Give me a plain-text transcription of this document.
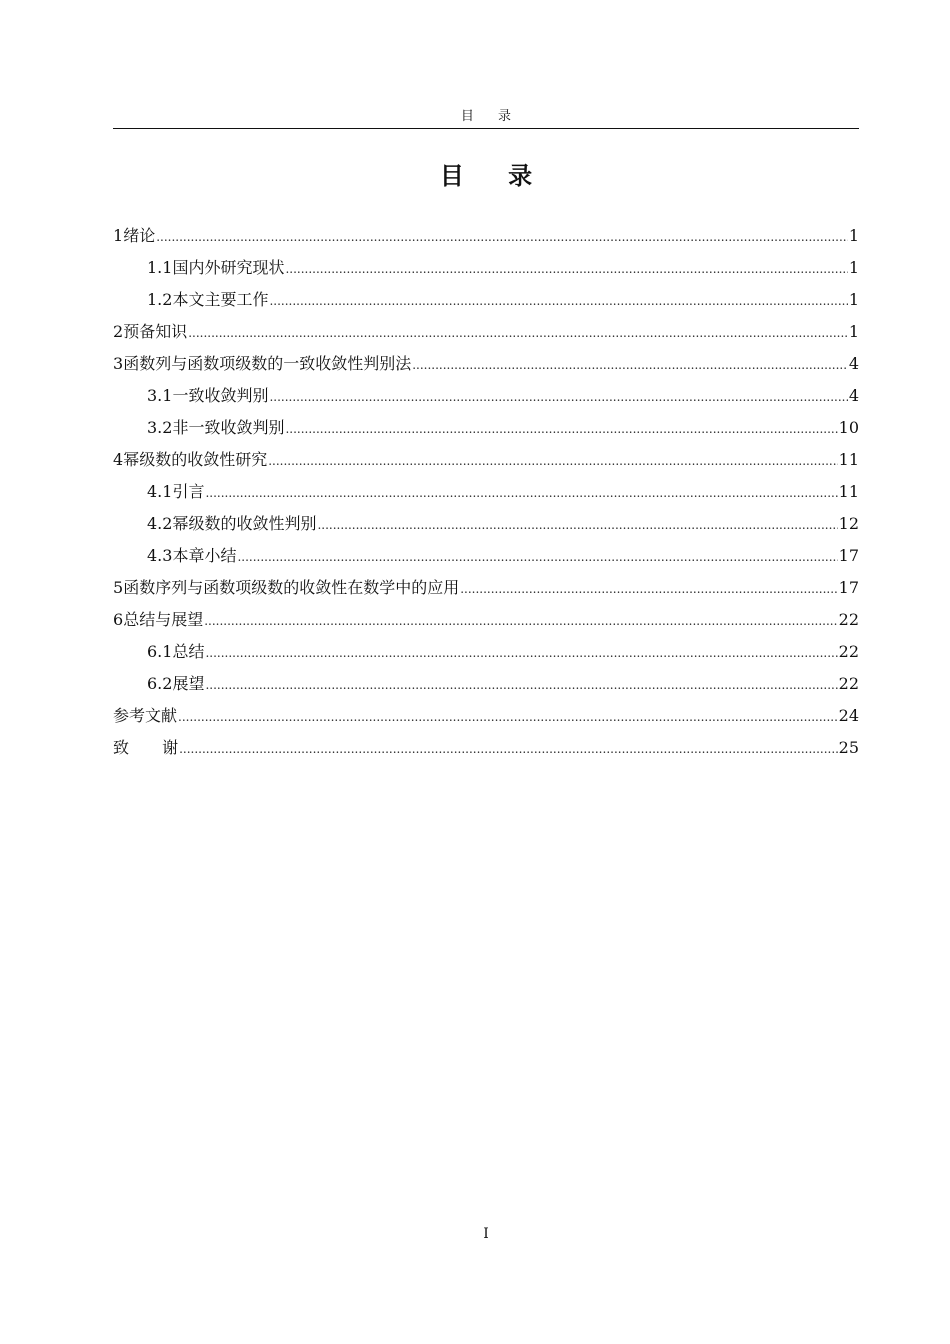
目 录
目 录
1 绪论 .....	1
1.1 国内外研究现状 .....	1
1.2 本文主要工作 .....	1
2 预备知识 .....	1
3 函数列与函数项级数的一致收敛性判别法 .....	4
3.1 一致收敛判别 .....	4
3.2 非一致收敛判别 .....	10
4 幂级数的收敛性研究 .....	11
4.1 引言 .....	11
4.2 幂级数的收敛性判别 .....	12
4.3 本章小结 .....	17
5 函数序列与函数项级数的收敛性在数学中的应用 .....	17
6 总结与展望 .....	22
6.1 总结 .....	22
6.2 展望 .....	22
参考文献 .....	24
致 谢 .....	25
I
